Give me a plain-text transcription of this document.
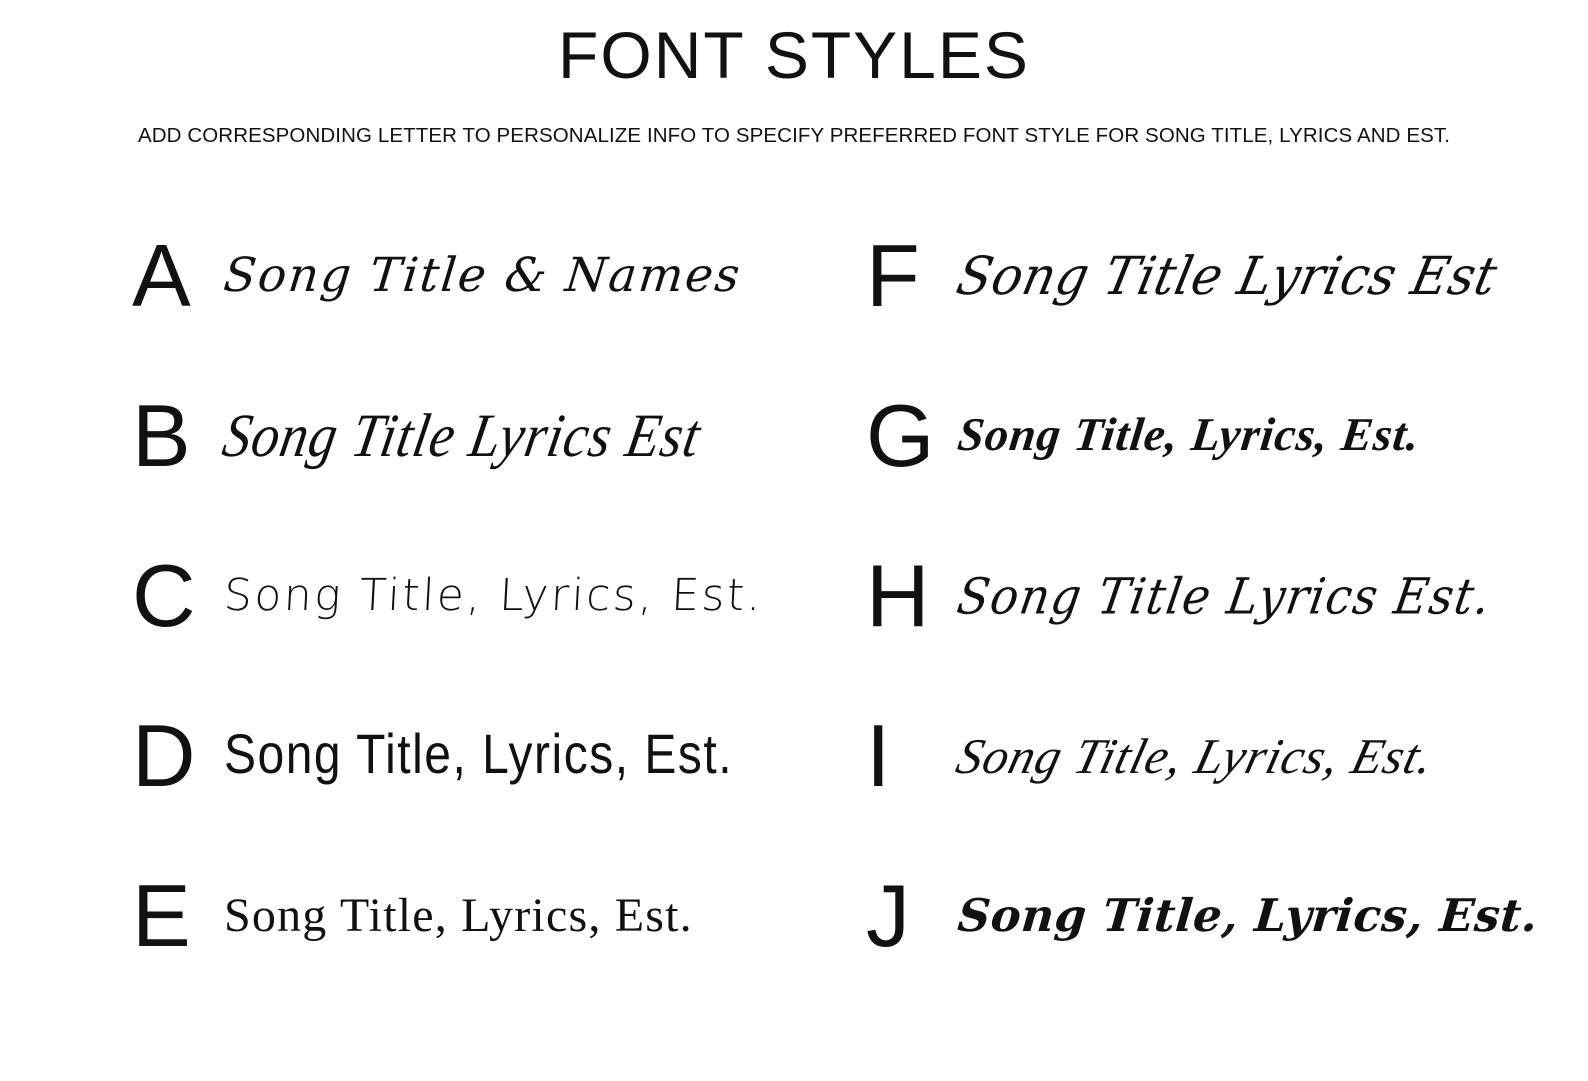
FONT STYLES

ADD CORRESPONDING LETTER TO PERSONALIZE INFO TO SPECIFY PREFERRED FONT STYLE FOR SONG TITLE, LYRICS AND EST.

A Song Title & Names
B Song Title Lyrics Est
C Song Title, Lyrics, Est.
D Song Title, Lyrics, Est.
E Song Title, Lyrics, Est.
F Song Title Lyrics Est
G Song Title, Lyrics, Est.
H Song Title Lyrics Est.
I	Song Title, Lyrics, Est.
J	Song Title, Lyrics, Est.
